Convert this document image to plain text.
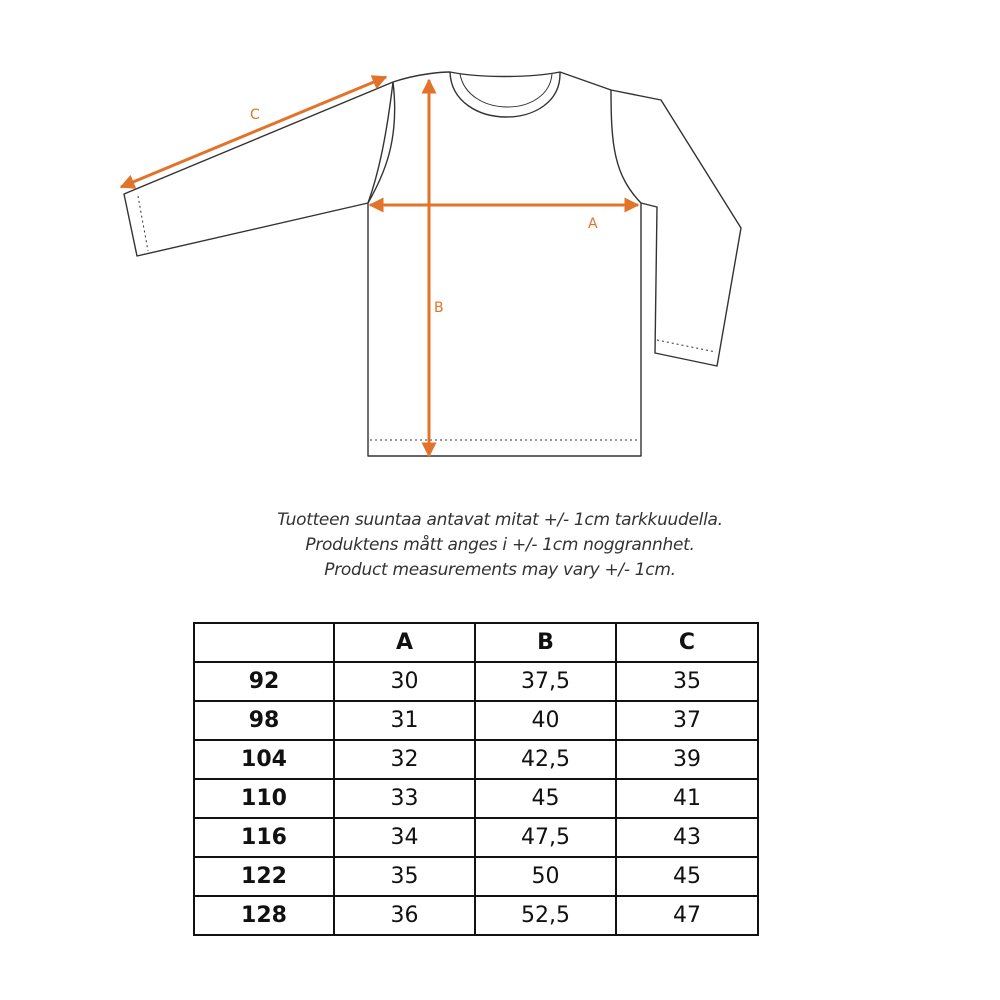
A
B
C
Tuotteen suuntaa antavat mitat +/- 1cm tarkkuudella.
Produktens mått anges i +/- 1cm noggrannhet.
Product measurements may vary +/- 1cm.
	A	B	C
92	30	37,5	35
98	31	40	37
104	32	42,5	39
110	33	45	41
116	34	47,5	43
122	35	50	45
128	36	52,5	47
